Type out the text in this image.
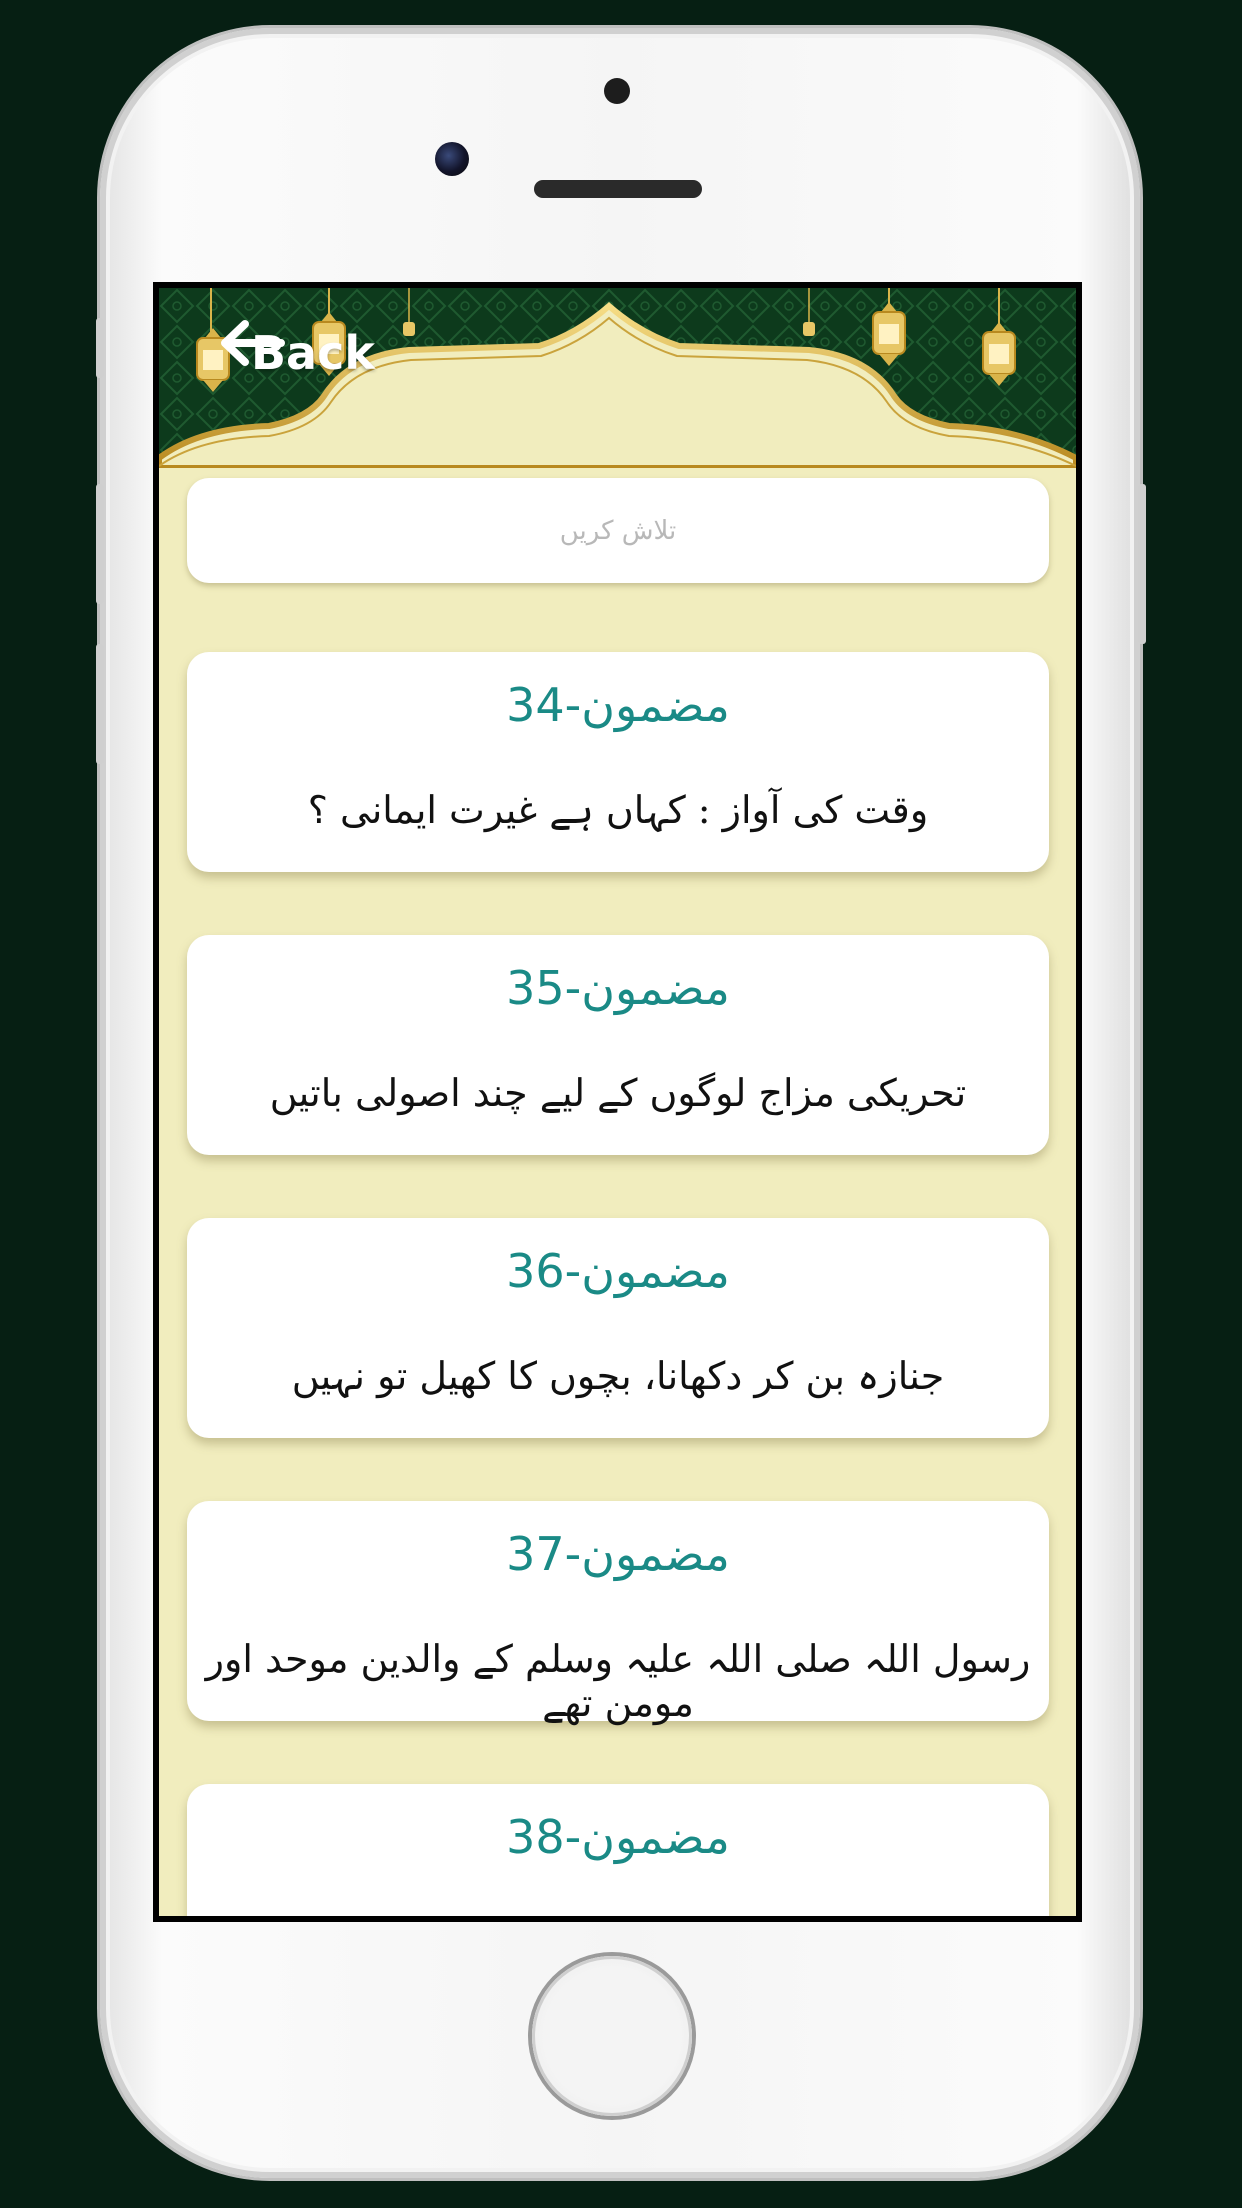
Back
تلاش کریں
مضمون-34
وقت کی آواز : کہاں ہے غیرت ایمانی ؟
مضمون-35
تحریکی مزاج لوگوں کے لیے چند اصولی باتیں
مضمون-36
جنازہ بن کر دکھانا، بچوں کا کھیل تو نہیں
مضمون-37
رسول اللہ صلی اللہ علیہ وسلم کے والدین موحد اور مومن تھے
مضمون-38
